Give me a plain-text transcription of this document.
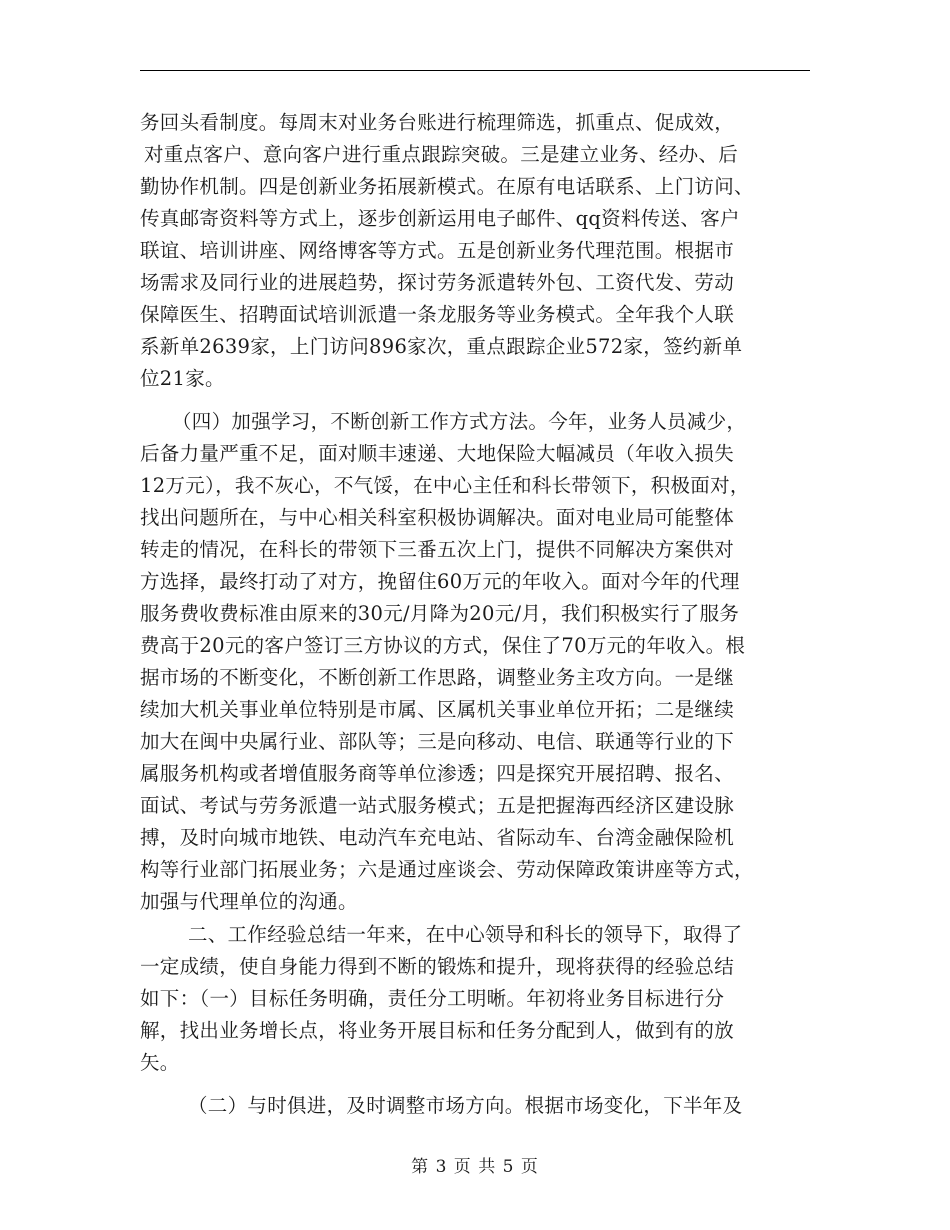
务回头看制度。每周末对业务台账进行梳理筛选，抓重点、促成效，
对重点客户、意向客户进行重点跟踪突破。三是建立业务、经办、后
勤协作机制。四是创新业务拓展新模式。在原有电话联系、上门访问、
传真邮寄资料等方式上，逐步创新运用电子邮件、qq资料传送、客户
联谊、培训讲座、网络博客等方式。五是创新业务代理范围。根据市
场需求及同行业的进展趋势，探讨劳务派遣转外包、工资代发、劳动
保障医生、招聘面试培训派遣一条龙服务等业务模式。全年我个人联
系新单2639家，上门访问896家次，重点跟踪企业572家，签约新单
位21家。
（四）加强学习，不断创新工作方式方法。今年，业务人员减少，
后备力量严重不足，面对顺丰速递、大地保险大幅减员（年收入损失
12万元），我不灰心，不气馁，在中心主任和科长带领下，积极面对，
找出问题所在，与中心相关科室积极协调解决。面对电业局可能整体
转走的情况，在科长的带领下三番五次上门，提供不同解决方案供对
方选择，最终打动了对方，挽留住60万元的年收入。面对今年的代理
服务费收费标准由原来的30元/月降为20元/月，我们积极实行了服务
费高于20元的客户签订三方协议的方式，保住了70万元的年收入。根
据市场的不断变化，不断创新工作思路，调整业务主攻方向。一是继
续加大机关事业单位特别是市属、区属机关事业单位开拓；二是继续
加大在闽中央属行业、部队等；三是向移动、电信、联通等行业的下
属服务机构或者增值服务商等单位渗透；四是探究开展招聘、报名、
面试、考试与劳务派遣一站式服务模式；五是把握海西经济区建设脉
搏，及时向城市地铁、电动汽车充电站、省际动车、台湾金融保险机
构等行业部门拓展业务；六是通过座谈会、劳动保障政策讲座等方式，
加强与代理单位的沟通。
二、工作经验总结一年来，在中心领导和科长的领导下，取得了
一定成绩，使自身能力得到不断的锻炼和提升，现将获得的经验总结
如下：（一）目标任务明确，责任分工明晰。年初将业务目标进行分
解，找出业务增长点，将业务开展目标和任务分配到人，做到有的放
矢。
（二）与时俱进，及时调整市场方向。根据市场变化，下半年及
第 3 页 共 5 页
